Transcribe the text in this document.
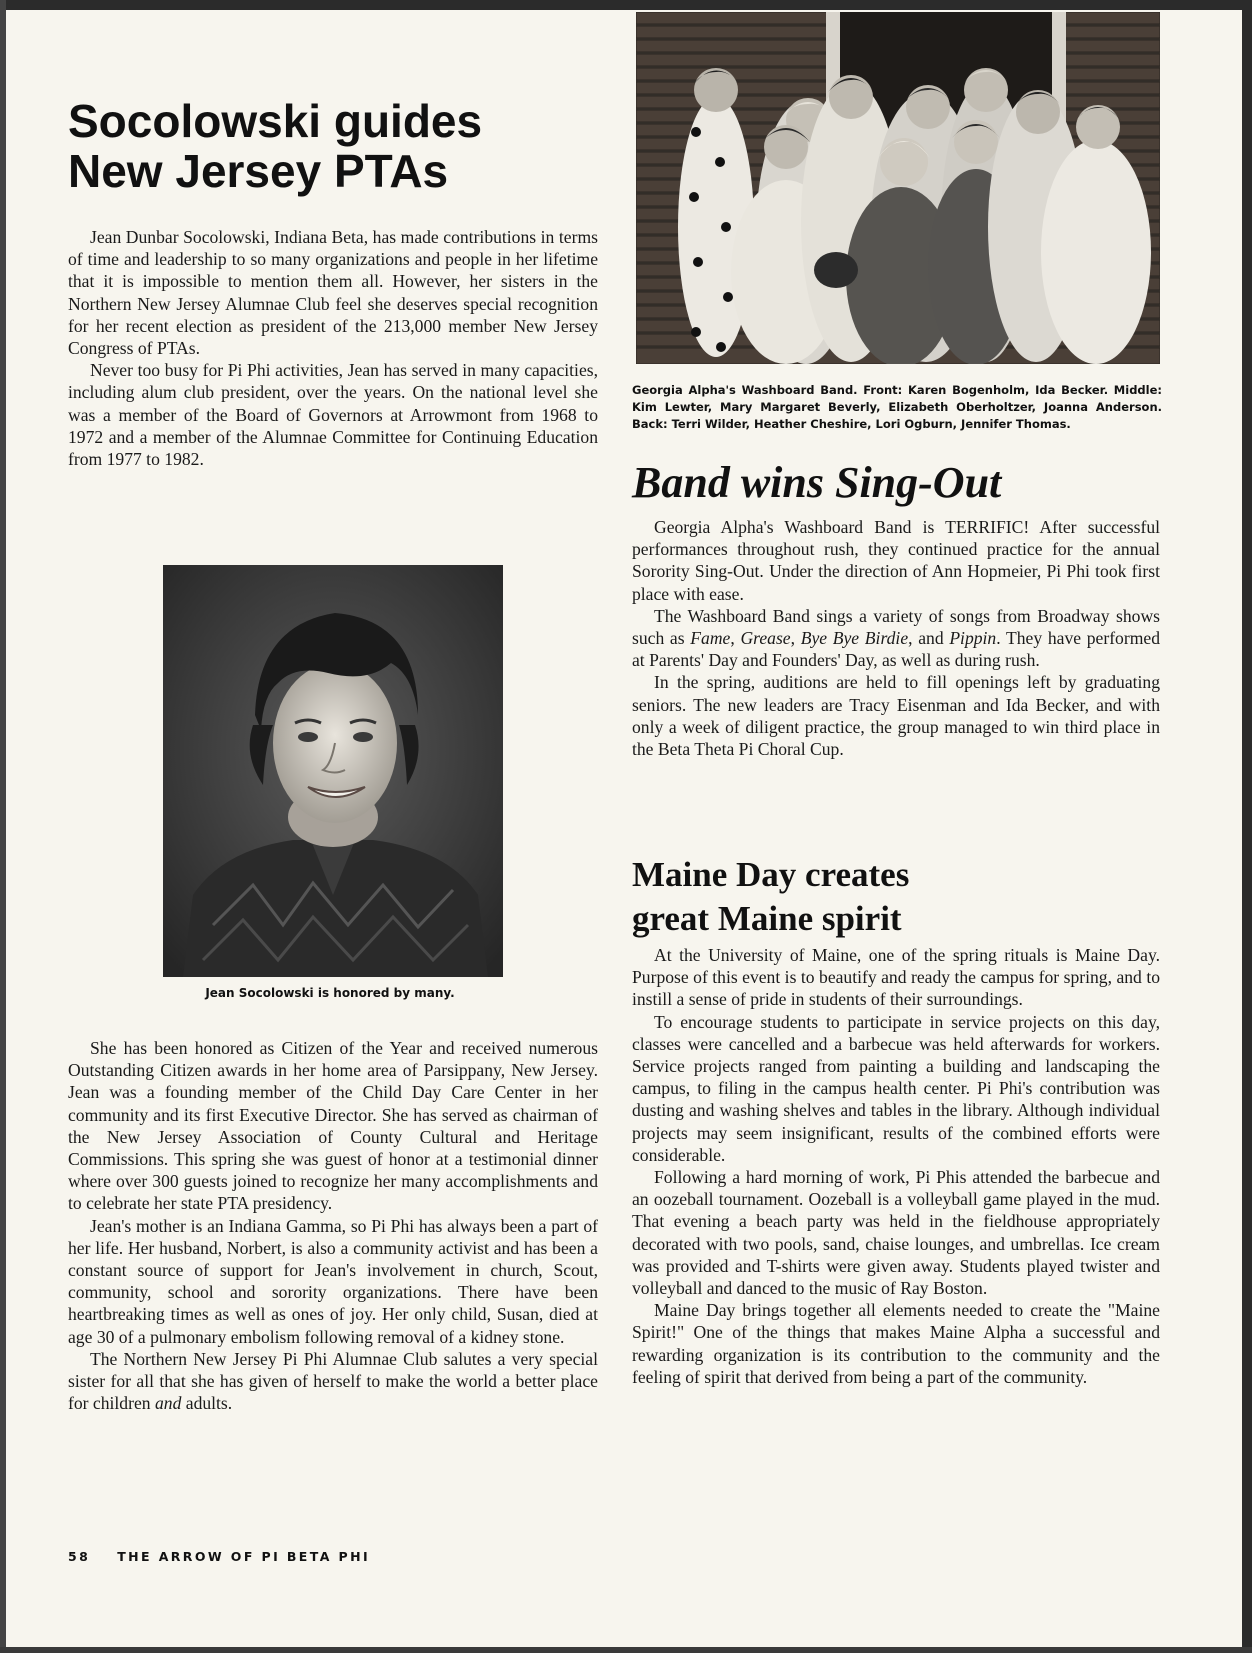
Socolowski guides
New Jersey PTAs

Jean Dunbar Socolowski, Indiana Beta, has made contributions in terms of time and leadership to so many organizations and people in her lifetime that it is impossible to mention them all. However, her sisters in the Northern New Jersey Alumnae Club feel she deserves special recognition for her recent election as president of the 213,000 member New Jersey Congress of PTAs.

Never too busy for Pi Phi activities, Jean has served in many capacities, including alum club president, over the years. On the national level she was a member of the Board of Governors at Arrowmont from 1968 to 1972 and a member of the Alumnae Committee for Continuing Education from 1977 to 1982.

Jean Socolowski is honored by many.

She has been honored as Citizen of the Year and received numerous Outstanding Citizen awards in her home area of Parsippany, New Jersey. Jean was a founding member of the Child Day Care Center in her community and its first Executive Director. She has served as chairman of the New Jersey Association of County Cultural and Heritage Commissions. This spring she was guest of honor at a testimonial dinner where over 300 guests joined to recognize her many accomplishments and to celebrate her state PTA presidency.

Jean's mother is an Indiana Gamma, so Pi Phi has always been a part of her life. Her husband, Norbert, is also a community activist and has been a constant source of support for Jean's involvement in church, Scout, community, school and sorority organizations. There have been heartbreaking times as well as ones of joy. Her only child, Susan, died at age 30 of a pulmonary embolism following removal of a kidney stone.

The Northern New Jersey Pi Phi Alumnae Club salutes a very special sister for all that she has given of herself to make the world a better place for children and adults.

58 THE ARROW OF PI BETA PHI
Georgia Alpha's Washboard Band. Front: Karen Bogenholm, Ida Becker. Middle: Kim Lewter, Mary Margaret Beverly, Elizabeth Oberholtzer, Joanna Anderson. Back: Terri Wilder, Heather Cheshire, Lori Ogburn, Jennifer Thomas.
Band wins Sing-Out

Georgia Alpha's Washboard Band is TERRIFIC! After successful performances throughout rush, they continued practice for the annual Sorority Sing-Out. Under the direction of Ann Hopmeier, Pi Phi took first place with ease.

The Washboard Band sings a variety of songs from Broadway shows such as Fame, Grease, Bye Bye Birdie, and Pippin. They have performed at Parents' Day and Founders' Day, as well as during rush.

In the spring, auditions are held to fill openings left by graduating seniors. The new leaders are Tracy Eisenman and Ida Becker, and with only a week of diligent practice, the group managed to win third place in the Beta Theta Pi Choral Cup.

Maine Day creates
great Maine spirit

At the University of Maine, one of the spring rituals is Maine Day. Purpose of this event is to beautify and ready the campus for spring, and to instill a sense of pride in students of their surroundings.

To encourage students to participate in service projects on this day, classes were cancelled and a barbecue was held afterwards for workers. Service projects ranged from painting a building and landscaping the campus, to filing in the campus health center. Pi Phi's contribution was dusting and washing shelves and tables in the library. Although individual projects may seem insignificant, results of the combined efforts were considerable.

Following a hard morning of work, Pi Phis attended the barbecue and an oozeball tournament. Oozeball is a volleyball game played in the mud. That evening a beach party was held in the fieldhouse appropriately decorated with two pools, sand, chaise lounges, and umbrellas. Ice cream was provided and T-shirts were given away. Students played twister and volleyball and danced to the music of Ray Boston.

Maine Day brings together all elements needed to create the "Maine Spirit!" One of the things that makes Maine Alpha a successful and rewarding organization is its contribution to the community and the feeling of spirit that derived from being a part of the community.
